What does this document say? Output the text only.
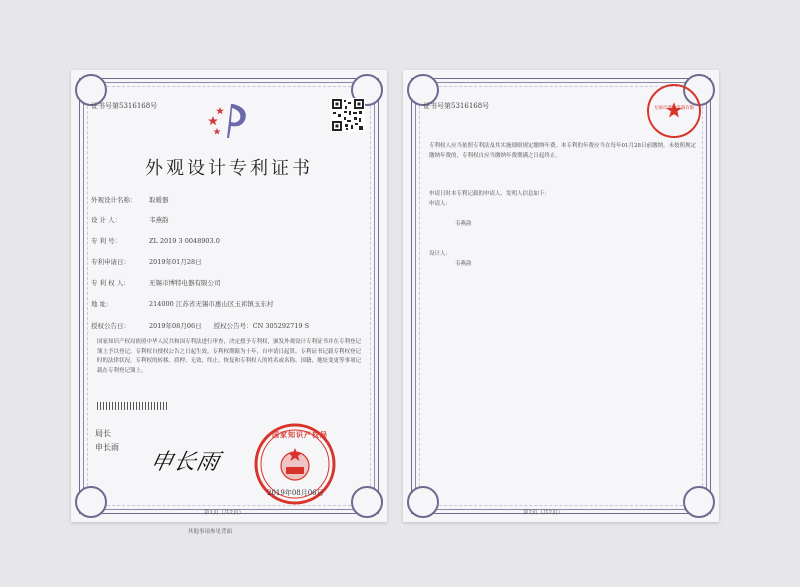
证书号第5316168号
外观设计专利证书
外观设计名称： 取暖器
设 计 人：	韦燕韵
专 利 号：	ZL 2019 3 0048903.0
专利申请日：	2019年01月28日
专 利 权 人：	无锡市博特电器有限公司
地 址：	214000 江苏省无锡市惠山区玉祁镇玉东村
授权公告日：	2019年08月06日 授权公告号：CN 305292719 S
国家知识产权局依照中华人民共和国专利法进行审查，决定授予专利权，颁发外观设计专利证书并在专利登记簿上予以登记。专利权自授权公告之日起生效。专利权期限为十年，自申请日起算。专利证书记载专利权登记时的法律状况。专利权的转移、质押、无效、终止、恢复和专利权人的姓名或名称、国籍、地址变更等事项记载在专利登记簿上。
局长
申长雨
申长雨
国家知识产权局
2019年08月06日
第1页（共2页）
其他事项参见背面
证书号第5316168号	无锡市博特电器有限公司
专利权人应当依照专利法及其实施细则规定缴纳年费。本专利的年费应当在每年01月28日前缴纳。未按照规定缴纳年费的，专利权自应当缴纳年费期满之日起终止。
申请日时本专利记载的申请人、发明人信息如下：
申请人：
韦燕韵
设计人：
韦燕韵
第2页（共2页）
